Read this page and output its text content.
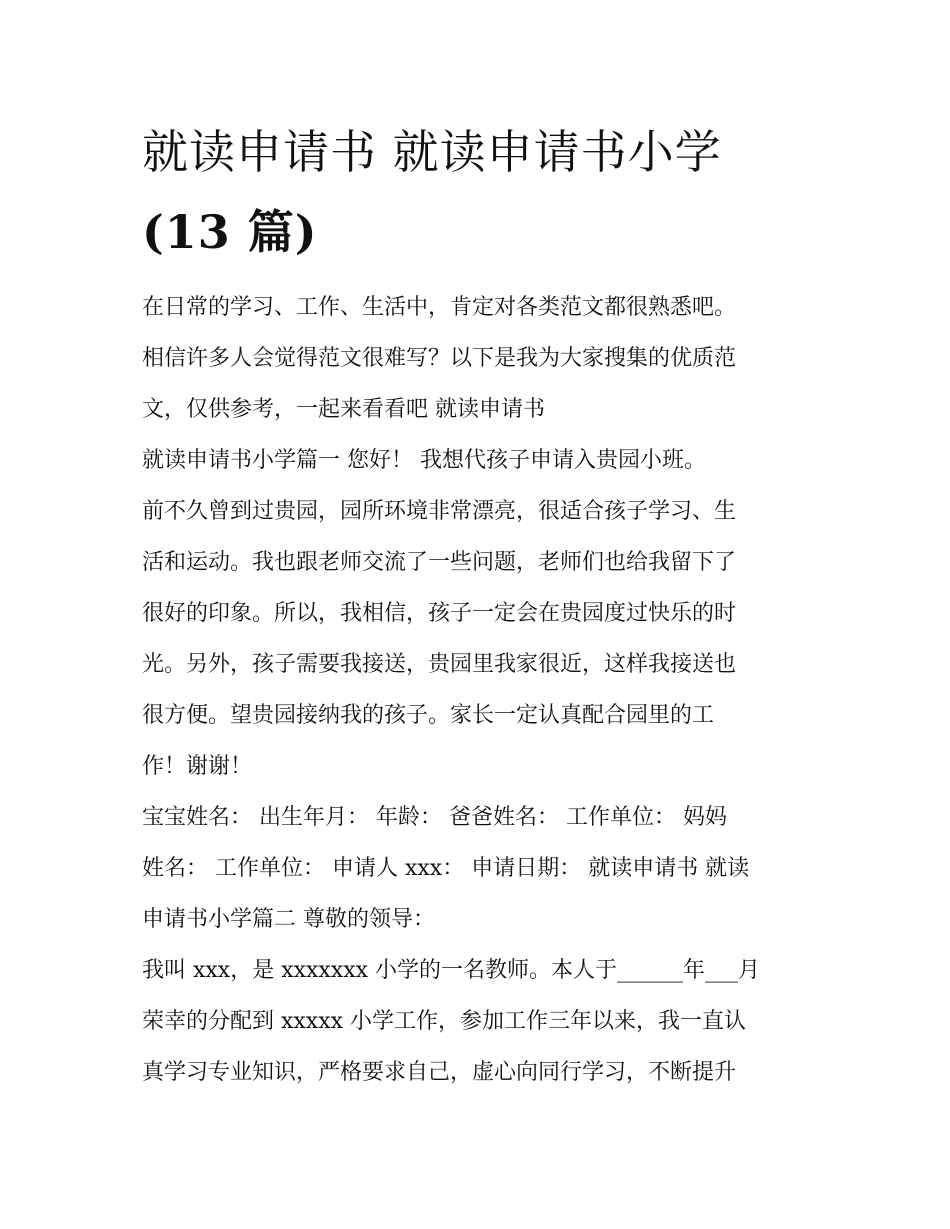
就读申请书 就读申请书小学
(13 篇)

在日常的学习、工作、生活中，肯定对各类范文都很熟悉吧。
相信许多人会觉得范文很难写？以下是我为大家搜集的优质范
文，仅供参考，一起来看看吧 就读申请书

就读申请书小学篇一 您好！ 我想代孩子申请入贵园小班。

前不久曾到过贵园，园所环境非常漂亮，很适合孩子学习、生
活和运动。我也跟老师交流了一些问题，老师们也给我留下了
很好的印象。所以，我相信，孩子一定会在贵园度过快乐的时
光。另外，孩子需要我接送，贵园里我家很近，这样我接送也
很方便。望贵园接纳我的孩子。家长一定认真配合园里的工
作！谢谢！

宝宝姓名： 出生年月： 年龄： 爸爸姓名： 工作单位： 妈妈
姓名： 工作单位： 申请人 xxx： 申请日期： 就读申请书 就读
申请书小学篇二 尊敬的领导：

我叫 xxx，是 xxxxxxx 小学的一名教师。本人于______年___月
荣幸的分配到 xxxxx 小学工作，参加工作三年以来，我一直认
真学习专业知识，严格要求自己，虚心向同行学习，不断提升
